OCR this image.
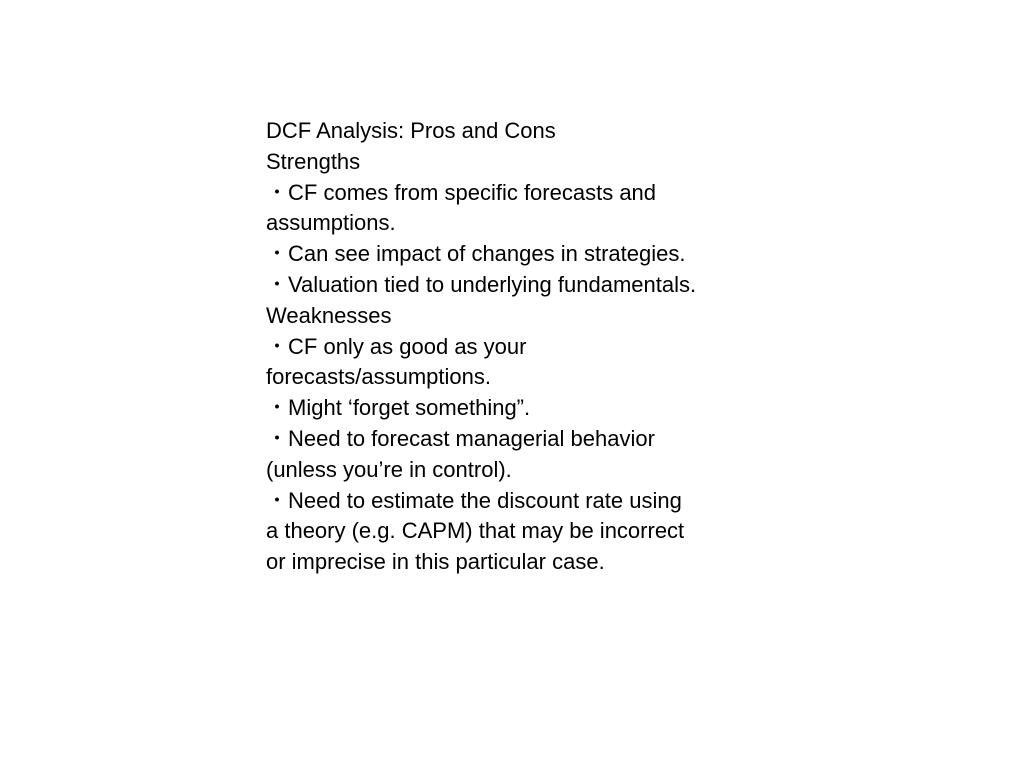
DCF Analysis: Pros and Cons
Strengths
・CF comes from specific forecasts and
assumptions.
・Can see impact of changes in strategies.
・Valuation tied to underlying fundamentals.
Weaknesses
・CF only as good as your
forecasts/assumptions.
・Might ‘forget something”.
・Need to forecast managerial behavior
(unless you’re in control).
・Need to estimate the discount rate using
a theory (e.g. CAPM) that may be incorrect
or imprecise in this particular case.
